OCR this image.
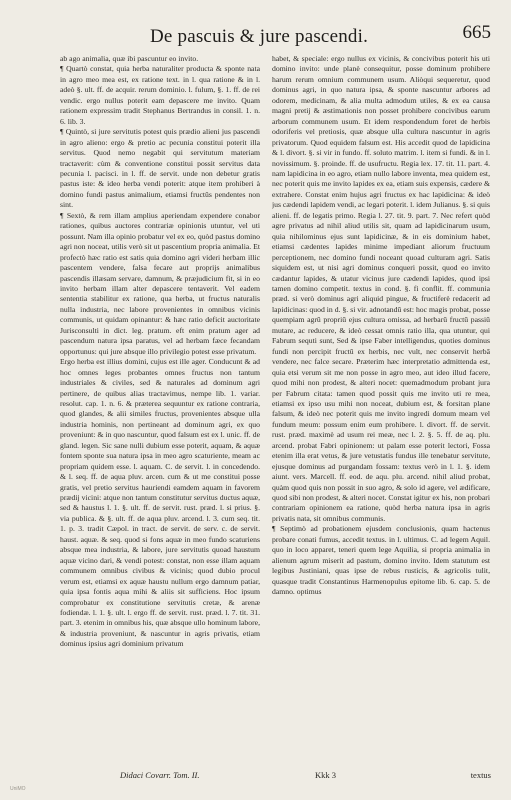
De pascuis & jure pascendi.	665

ab ago animalia, quæ ibi pascuntur eo invito.

¶ Quartò constat, quia herba naturaliter producta & sponte nata in agro meo mea est, ex ratione text. in l. qua ratione & in l. adeò §. ult. ff. de acquir. rerum dominio. l. fulum, §. 1. ff. de rei vendic. ergo nullus poterit eam depascere me invito. Quam rationem expressim tradit Stephanus Bertrandus in consil. 1. n. 6. lib. 3.

¶ Quintò, si jure servitutis potest quis prædio alieni jus pascendi in agro alieno: ergo & pretio ac pecunia constitui poterit illa servitus. Quod nemo negabit qui servitutum materiam tractaverit: cùm & conventione constitui possit servitus data pecunia l. pacisci. in l. ff. de servit. unde non debetur gratis pastus iste: & ideo herba vendi poterit: atque item prohiberi à domino fundi pastus animalium, etiamsi fructûs pendentes non sint.

¶ Sextò, & rem illam amplius aperiendam expendere conabor rationes, quibus auctores contrariæ opinionis utuntur, vel uti possunt. Nam illa opinio probatur vel ex eo, quòd pastus domino agri non noceat, utilis verò sit ut pascentium propria animalia. Et profectò hæc ratio est satis quia domino agri videri herbam illic pascentem vendere, falsa fecare aut proprijs animalibus pascendis illæsam servare, damnum, & præjudicium fit, si in eo invito herbam illam alter depascere tentaverit. Vel eadem sententia stabilitur ex ratione, qua herba, ut fructus naturalis nulla industria, nec labore provenientes in omnibus vicinis communis, ut quidam opinantur: & hæc ratio deficit auctoritate Jurisconsulti in dict. leg. pratum. eft enim pratum ager ad pascendum natura ipsa paratus, vel ad herbam fæce fecandam opportunus: qui jure absque illo privilegio potest esse privatum.

Ergo herba est illius domini, cujus est ille ager. Conducunt & ad hoc omnes leges probantes omnes fructus non tantum industriales & civiles, sed & naturales ad dominum agri pertinere, de quibus alias tractavimus, nempe lib. 1. variar. resolut. cap. 1. n. 6. & præterea sequuntur ex ratione contraria, quod glandes, & alii similes fructus, provenientes absque ulla industria hominis, non pertineant ad dominum agri, ex quo proveniunt: & in quo nascuntur, quod falsum est ex l. unic. ff. de gland. legen. Sic sane nulli dubium esse poterit, aquam, & aquæ fontem sponte sua natura ipsa in meo agro scaturiente, meam ac propriam quidem esse. l. aquam. C. de servit. l. in concedendo. & l. seq. ff. de aqua pluv. arcen. cum & ut me constitui posse gratis, vel pretio servitus hauriendi eamdem aquam in favorem prædij vicini: atque non tantum constitutur servitus ductus aquæ, sed & haustus l. 1. §. ult. ff. de servit. rust. præd. l. si prius. §. via publica. & §. ult. ff. de aqua pluv. arcend. l. 3. cum seq. tit. 1. p. 3. tradit Cæpol. in tract. de servit. de serv. c. de servit. haust. aquæ. & seq. quod si fons aquæ in meo fundo scaturiens absque mea industria, & labore, jure servitutis quoad haustum aquæ vicino dari, & vendi potest: constat, non esse illam aquam communem omnibus civibus & vicinis; quod dubio procul verum est, etiamsi ex aquæ haustu nullum ergo damnum patiar, quia ipsa fontis aqua mihi & aliis sit sufficiens. Hoc ipsum comprobatur ex constitutione servitutis cretæ, & arenæ fodiendæ. l. 1. §. ult. l. ergo ff. de servit. rust. præd. l. 7. tit. 31. part. 3. etenim in omnibus his, quæ absque ullo hominum labore, & industria proveniunt, & nascuntur in agris privatis, etiam dominus ipsius agri dominium privatum

habet, & speciale: ergo nullus ex vicinis, & concivibus poterit his uti domino invito: unde planè consequitur, posse dominum prohibere harum rerum omnium communem usum. Aliòqui sequeretur, quod dominus agri, in quo natura ipsa, & sponte nascuntur arbores ad odorem, medicinam, & alia multa admodum utiles, & ex ea causa magni pretij & æstimationis non posset prohibere concivibus earum arborum communem usum. Et idem respondendum foret de herbis odoriferis vel pretiosis, quæ absque ulla cultura nascuntur in agris privatorum. Quod equidem falsum est. His accedit quod de lapidicina & l. divort. §. si vir in fundo. ff. soluto matrim. l. item si fundi. & in l. novissimum. §. proinde. ff. de usufructu. Regia lex. 17. tit. 11. part. 4. nam lapidicina in eo agro, etiam nullo labore inventa, mea quidem est, nec poterit quis me invito lapides ex ea, etiam suis expensis, cædere & extrahere. Constat enim hujus agri fructus ex hac lapidicina: & ideò jus cædendi lapidem vendi, ac legari poterit. l. idem Julianus. §. si quis alieni. ff. de legatis primo. Regia l. 27. tit. 9. part. 7. Nec refert quòd agre privatus ad nihil aliud utilis sit, quam ad lapidicinarum usum, quia nihilominus ejus sunt lapidicinæ, & in eis dominium habet, etiamsi cædentes lapides minime impediant aliorum fructuum perceptionem, nec domino fundi noceant quoad culturam agri. Satis siquidem est, ut nisi agri dominus conqueri possit, quod eo invito cædantur lapides, & utatur vicinus jure cædendi lapides, quod ipsi tamen domino competit. textus in cond. §. fi conflit. ff. communia præd. si verò dominus agri aliquid pingue, & fructiferè redacerit ad lapidicinas: quod in d. §. si vir. adnotandū est: hoc magis probat, posse quempiam agrū propriū ejus cultura omissa, ad herbarū fructū passiū mutare, ac reducere, & ideò cessat omnis ratio illa, qua utuntur, qui Fabrum sequti sunt, Sed & ipse Faber intelligendus, quoties dominus fundi non percipit fructū ex herbis, nec vult, nec conservit herbā vendere, nec falce secare. Præterim hæc interpretatio admittenda est, quia etsi verum sit me non posse in agro meo, aut ideo illud facere, quod mihi non prodest, & alteri nocet: quemadmodum probant jura per Fabrum citata: tamen quod possit quis me invito uti re mea, etiamsi ex ipso usu mihi non noceat, dubium est, & forsitan plane falsum, & ideò nec poterit quis me invito ingredi domum meam vel fundum meum: possum enim eum prohibere. l. divort. ff. de servit. rust. præd. maximè ad usum rei meæ, nec l. 2. §. 5. ff. de aq. plu. arcend. probat Fabri opinionem: ut palam esse poterit lectori, Fossa etenim illa erat vetus, & jure vetustatis fundus ille tenebatur servitute, ejusque dominus ad purgandam fossam: textus verò in l. 1. §. idem aiunt. vers. Marcell. ff. eod. de aqu. plu. arcend. nihil aliud probat, quàm quod quis non possit in suo agro, & solo id agere, vel ædificare, quod sibi non prodest, & alteri nocet. Constat igitur ex his, non probari contrariam opinionem ea ratione, quòd herba natura ipsa in agris privatis nata, sit omnibus communis.

¶ Septimò ad probationem ejusdem conclusionis, quam hactenus probare conati fumus, accedit textus. in l. ultimus. C. ad legem Aquil. quo in loco apparet, teneri quem lege Aquilia, si propria animalia in alienum agrum miserit ad pastum, domino invito. Idem statutum est legibus Justiniani, quas ipse de rebus rusticis, & agricolis tulit, quasque tradit Constantinus Harmenopulus epitome lib. 6. cap. 5. de damno. optimus

Didaci Covarr. Tom. II.	Kkk 3	textus
UniMO
